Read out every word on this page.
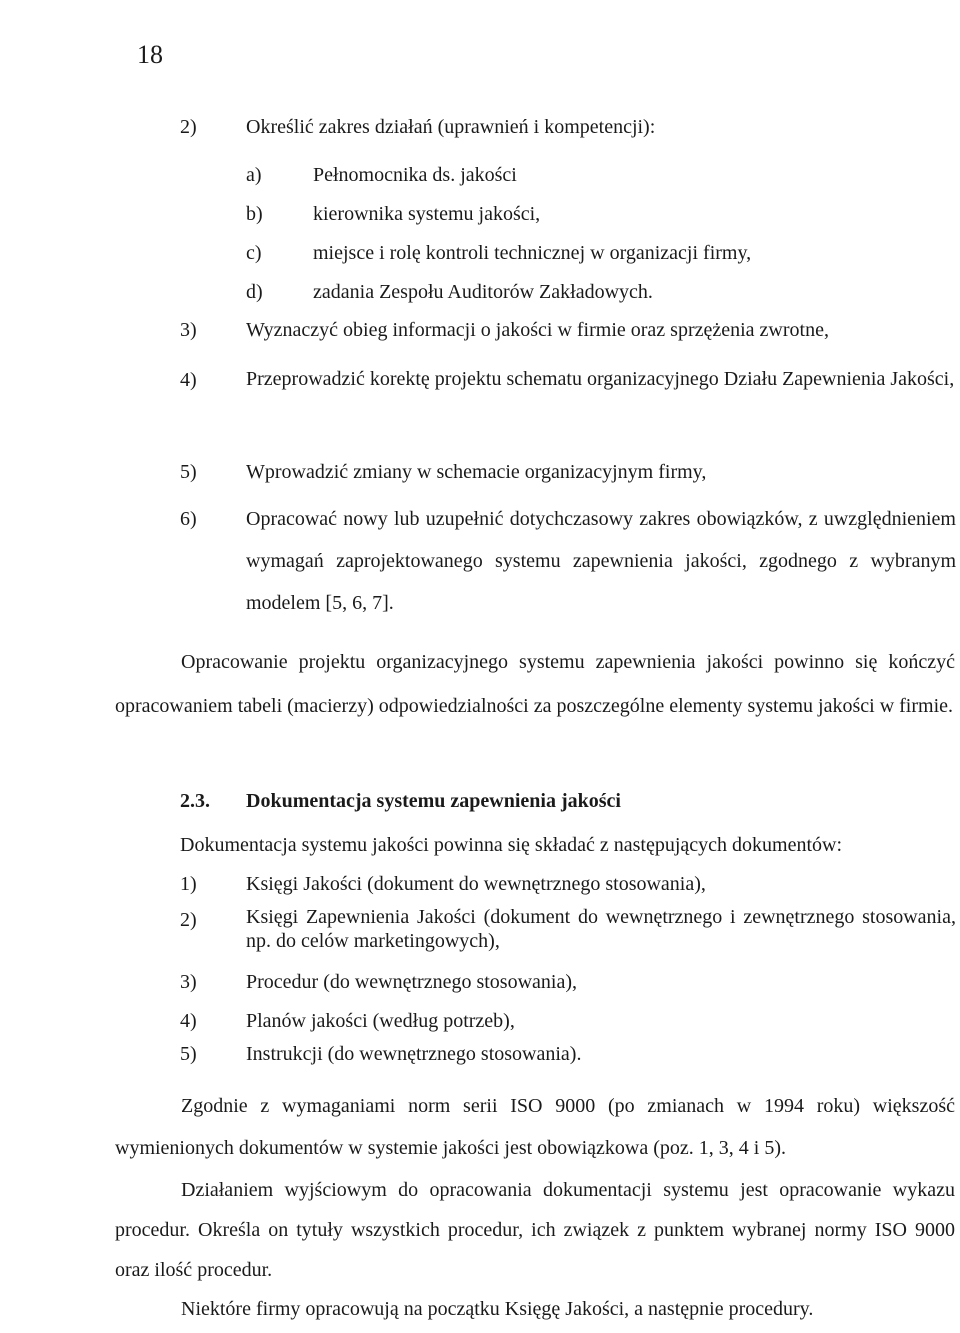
18
2) Określić zakres działań (uprawnień i kompetencji):
a)	Pełnomocnika ds. jakości
b)	kierownika systemu jakości,
c)	miejsce i rolę kontroli technicznej w organizacji firmy,
d)	zadania Zespołu Auditorów Zakładowych.
3) Wyznaczyć obieg informacji o jakości w firmie oraz sprzężenia zwrotne,
4) Przeprowadzić korektę projektu schematu organizacyjnego Działu Zapewnienia Jakości,
5) Wprowadzić zmiany w schemacie organizacyjnym firmy,
6) Opracować nowy lub uzupełnić dotychczasowy zakres obowiązków, z uwzględnieniem wymagań zaprojektowanego systemu zapewnienia jakości, zgodnego z wybranym modelem [5, 6, 7].
Opracowanie projektu organizacyjnego systemu zapewnienia jakości powinno się kończyć opracowaniem tabeli (macierzy) odpowiedzialności za poszczególne elementy systemu jakości w firmie.
2.3. Dokumentacja systemu zapewnienia jakości
Dokumentacja systemu jakości powinna się składać z następujących dokumentów:
1) Księgi Jakości (dokument do wewnętrznego stosowania),
2) Księgi Zapewnienia Jakości (dokument do wewnętrznego i zewnętrznego stosowania, np. do celów marketingowych),
3) Procedur (do wewnętrznego stosowania),
4) Planów jakości (według potrzeb),
5) Instrukcji (do wewnętrznego stosowania).
Zgodnie z wymaganiami norm serii ISO 9000 (po zmianach w 1994 roku) większość wymienionych dokumentów w systemie jakości jest obowiązkowa (poz. 1, 3, 4 i 5).
Działaniem wyjściowym do opracowania dokumentacji systemu jest opracowanie wykazu procedur. Określa on tytuły wszystkich procedur, ich związek z punktem wybranej normy ISO 9000 oraz ilość procedur.
Niektóre firmy opracowują na początku Księgę Jakości, a następnie procedury.
